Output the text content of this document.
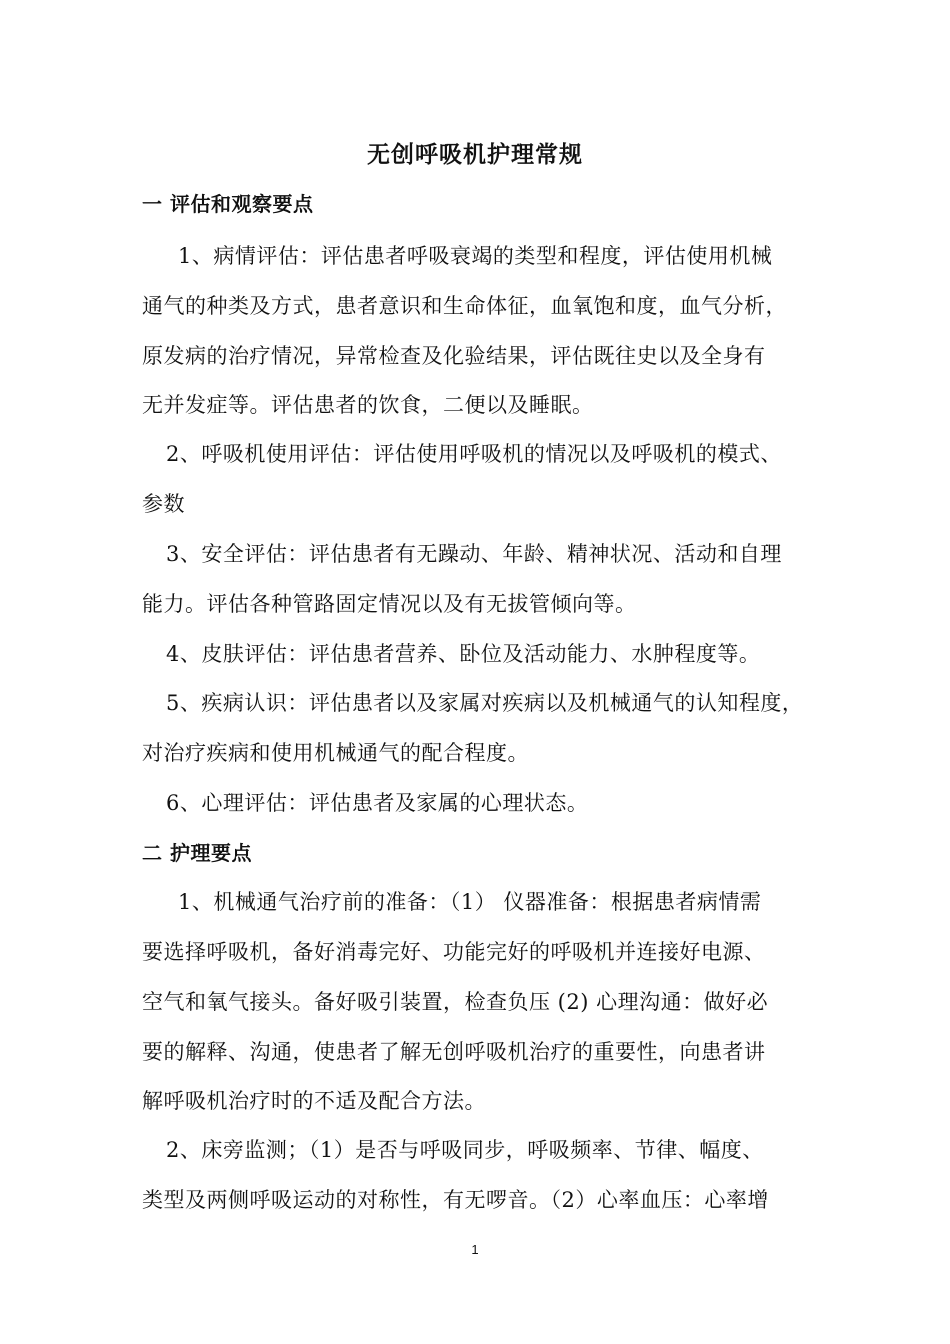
无创呼吸机护理常规
一 评估和观察要点
1、病情评估：评估患者呼吸衰竭的类型和程度，评估使用机械
通气的种类及方式，患者意识和生命体征，血氧饱和度，血气分析，
原发病的治疗情况，异常检查及化验结果，评估既往史以及全身有
无并发症等。评估患者的饮食，二便以及睡眠。
2、呼吸机使用评估：评估使用呼吸机的情况以及呼吸机的模式、
参数
3、安全评估：评估患者有无躁动、年龄、精神状况、活动和自理
能力。评估各种管路固定情况以及有无拔管倾向等。
4、皮肤评估：评估患者营养、卧位及活动能力、水肿程度等。
5、疾病认识：评估患者以及家属对疾病以及机械通气的认知程度，
对治疗疾病和使用机械通气的配合程度。
6、心理评估：评估患者及家属的心理状态。
二 护理要点
1、机械通气治疗前的准备：（1） 仪器准备：根据患者病情需
要选择呼吸机，备好消毒完好、功能完好的呼吸机并连接好电源、
空气和氧气接头。备好吸引装置，检查负压 (2) 心理沟通：做好必
要的解释、沟通，使患者了解无创呼吸机治疗的重要性，向患者讲
解呼吸机治疗时的不适及配合方法。
2、床旁监测；（1）是否与呼吸同步，呼吸频率、节律、幅度、
类型及两侧呼吸运动的对称性，有无啰音。（2）心率血压：心率增
1
